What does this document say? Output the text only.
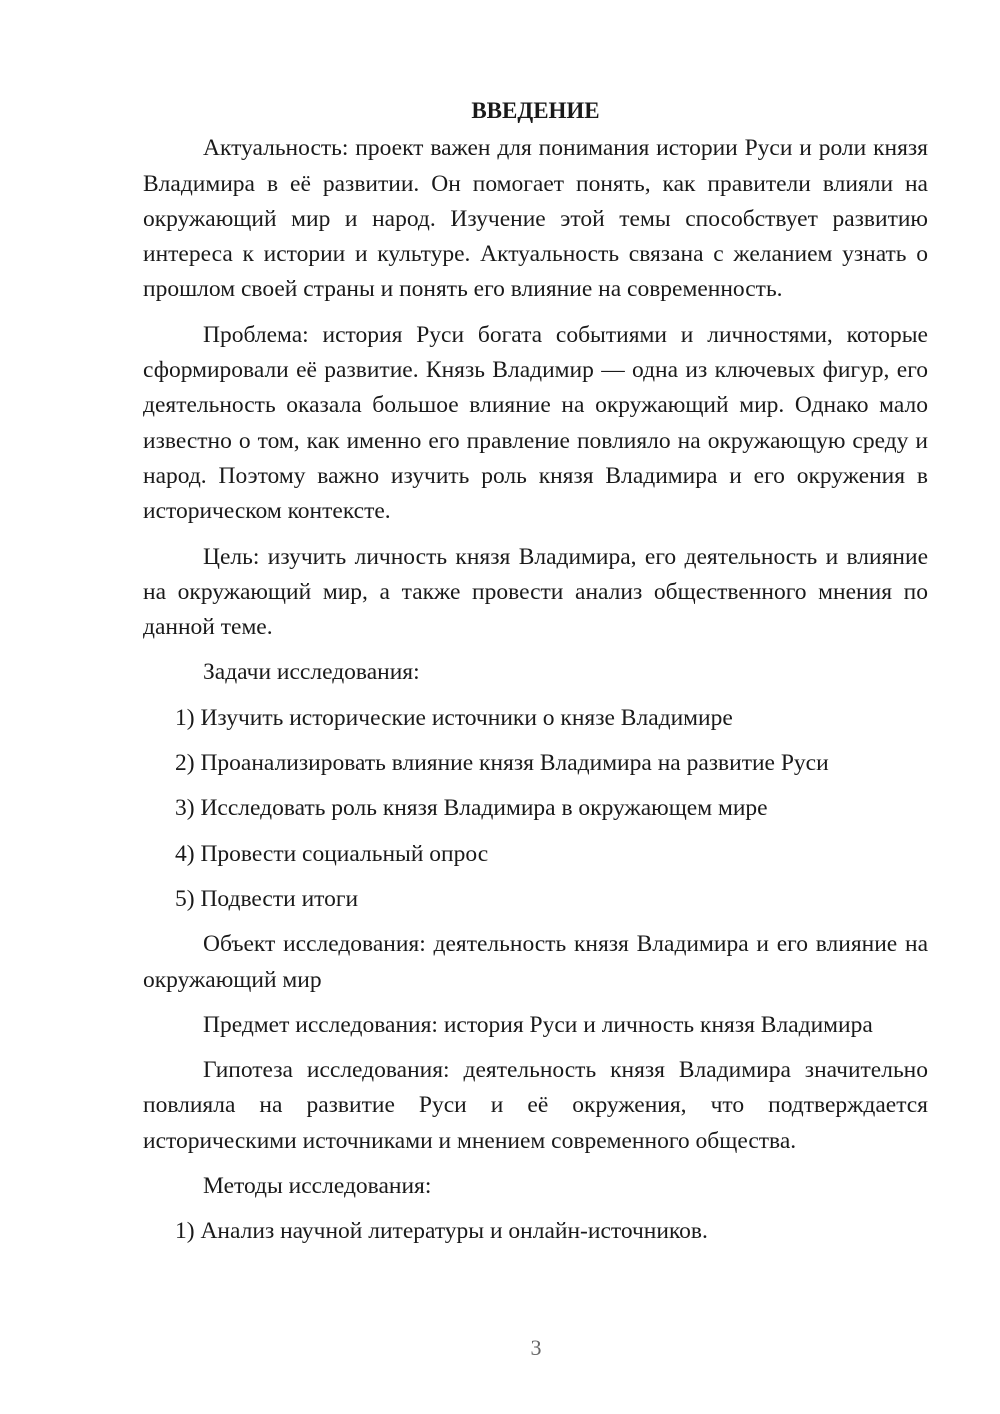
ВВЕДЕНИЕ

Актуальность: проект важен для понимания истории Руси и роли князя Владимира в её развитии. Он помогает понять, как правители влияли на окружающий мир и народ. Изучение этой темы способствует развитию интереса к истории и культуре. Актуальность связана с желанием узнать о прошлом своей страны и понять его влияние на современность.

Проблема: история Руси богата событиями и личностями, которые сформировали её развитие. Князь Владимир — одна из ключевых фигур, его деятельность оказала большое влияние на окружающий мир. Однако мало известно о том, как именно его правление повлияло на окружающую среду и народ. Поэтому важно изучить роль князя Владимира и его окружения в историческом контексте.

Цель: изучить личность князя Владимира, его деятельность и влияние на окружающий мир, а также провести анализ общественного мнения по данной теме.

Задачи исследования:

1) Изучить исторические источники о князе Владимире

2) Проанализировать влияние князя Владимира на развитие Руси

3) Исследовать роль князя Владимира в окружающем мире

4) Провести социальный опрос

5) Подвести итоги

Объект исследования: деятельность князя Владимира и его влияние на окружающий мир

Предмет исследования: история Руси и личность князя Владимира

Гипотеза исследования: деятельность князя Владимира значительно повлияла на развитие Руси и её окружения, что подтверждается историческими источниками и мнением современного общества.

Методы исследования:

1) Анализ научной литературы и онлайн-источников.

3
